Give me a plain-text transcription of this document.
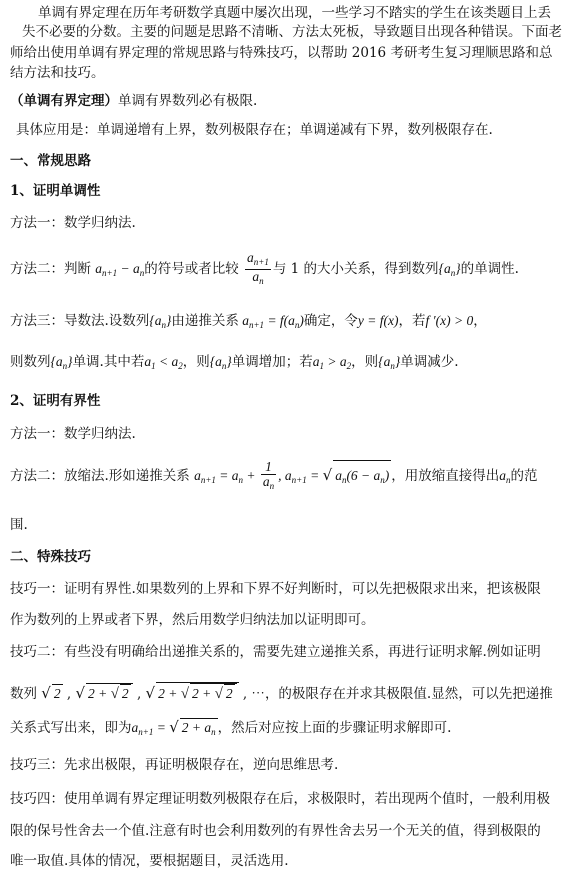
单调有界定理在历年考研数学真题中屡次出现，一些学习不踏实的学生在该类题目上丢
失不必要的分数。主要的问题是思路不清晰、方法太死板，导致题目出现各种错误。下面老
师给出使用单调有界定理的常规思路与特殊技巧，以帮助 2016 考研考生复习理顺思路和总
结方法和技巧。
（单调有界定理）单调有界数列必有极限.
具体应用是：单调递增有上界，数列极限存在；单调递减有下界，数列极限存在.
一、常规思路
1、证明单调性
方法一：数学归纳法.
方法二：判断 $a_{n+1} - a_n$的符号或者比较 $\frac{a_{n+1}}{a_n}$ 与 1 的大小关系，得到数列$\{a_n\}$的单调性.
方法三：导数法.设数列$\{a_n\}$由递推关系 $a_{n+1} = f(a_n)$确定，令y = f(x)，若f ′(x) > 0，
则数列$\{a_n\}$单调.其中若$a_1 < a_2$，则$\{a_n\}$单调增加；若$a_1 > a_2$，则$\{a_n\}$单调减少.
2、证明有界性
方法一：数学归纳法.
方法二：放缩法.形如递推关系 $a_{n+1} = a_n + \frac{1}{a_n}$ , $a_{n+1}$ = √ $a_n(6 - a_n)$ ，用放缩直接得出$a_n$的范
围.
二、特殊技巧
技巧一：证明有界性.如果数列的上界和下界不好判断时，可以先把极限求出来，把该极限
作为数列的上界或者下界，然后用数学归纳法加以证明即可。
技巧二：有些没有明确给出递推关系的，需要先建立递推关系，再进行证明求解.例如证明
数列 √ 2 , √ 2 + √ 2 , √ 2 + √ 2 + √ 2 , ⋯，的极限存在并求其极限值.显然，可以先把递推
关系式写出来，即为$a_{n+1}$ = √ $2 + a_n$ ，然后对应按上面的步骤证明求解即可.
技巧三：先求出极限，再证明极限存在，逆向思维思考.
技巧四：使用单调有界定理证明数列极限存在后，求极限时，若出现两个值时，一般利用极
限的保号性舍去一个值.注意有时也会利用数列的有界性舍去另一个无关的值，得到极限的
唯一取值.具体的情况，要根据题目，灵活选用.
